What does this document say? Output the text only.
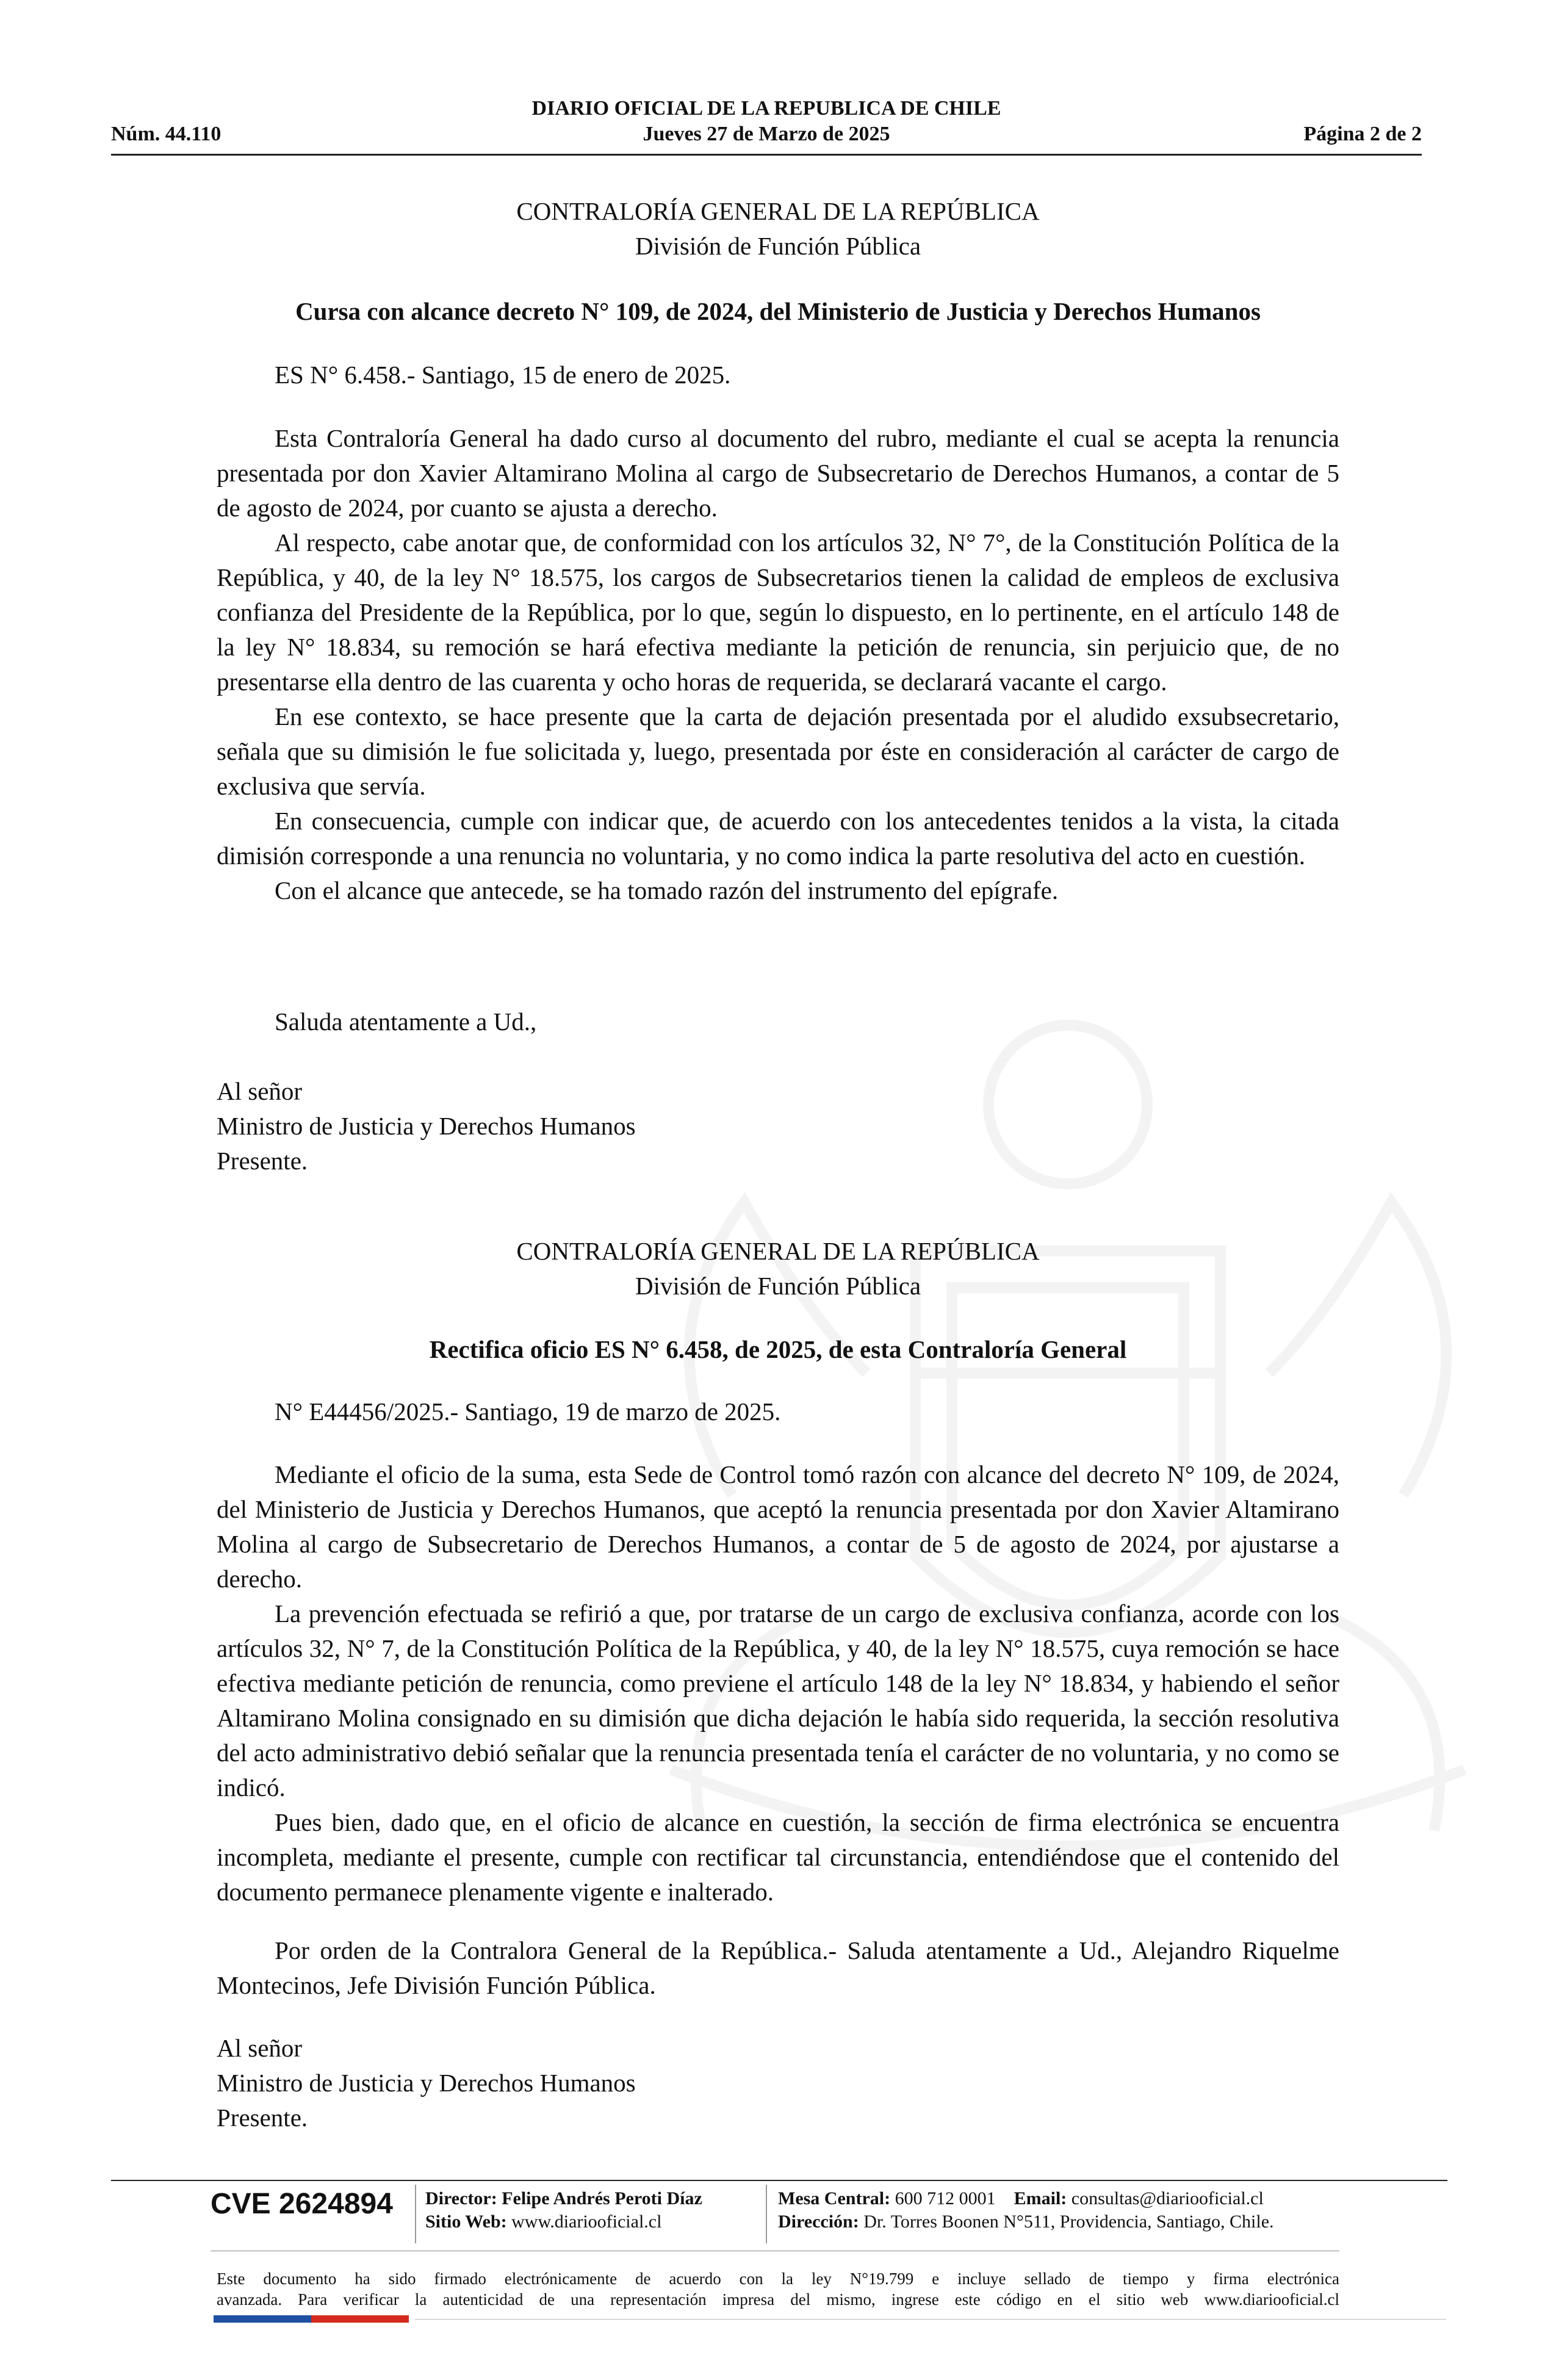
DIARIO OFICIAL DE LA REPUBLICA DE CHILE
Núm. 44.110	Jueves 27 de Marzo de 2025	Página 2 de 2
CONTRALORÍA GENERAL DE LA REPÚBLICA
División de Función Pública
Cursa con alcance decreto N° 109, de 2024, del Ministerio de Justicia y Derechos Humanos
ES N° 6.458.- Santiago, 15 de enero de 2025.

Esta Contraloría General ha dado curso al documento del rubro, mediante el cual se acepta la renuncia presentada por don Xavier Altamirano Molina al cargo de Subsecretario de Derechos Humanos, a contar de 5 de agosto de 2024, por cuanto se ajusta a derecho.

Al respecto, cabe anotar que, de conformidad con los artículos 32, N° 7°, de la Constitución Política de la República, y 40, de la ley N° 18.575, los cargos de Subsecretarios tienen la calidad de empleos de exclusiva confianza del Presidente de la República, por lo que, según lo dispuesto, en lo pertinente, en el artículo 148 de la ley N° 18.834, su remoción se hará efectiva mediante la petición de renuncia, sin perjuicio que, de no presentarse ella dentro de las cuarenta y ocho horas de requerida, se declarará vacante el cargo.

En ese contexto, se hace presente que la carta de dejación presentada por el aludido exsubsecretario, señala que su dimisión le fue solicitada y, luego, presentada por éste en consideración al carácter de cargo de exclusiva que servía.

En consecuencia, cumple con indicar que, de acuerdo con los antecedentes tenidos a la vista, la citada dimisión corresponde a una renuncia no voluntaria, y no como indica la parte resolutiva del acto en cuestión.

Con el alcance que antecede, se ha tomado razón del instrumento del epígrafe.

Saluda atentamente a Ud.,
Al señor
Ministro de Justicia y Derechos Humanos
Presente.
CONTRALORÍA GENERAL DE LA REPÚBLICA
División de Función Pública
Rectifica oficio ES N° 6.458, de 2025, de esta Contraloría General
N° E44456/2025.- Santiago, 19 de marzo de 2025.

Mediante el oficio de la suma, esta Sede de Control tomó razón con alcance del decreto N° 109, de 2024, del Ministerio de Justicia y Derechos Humanos, que aceptó la renuncia presentada por don Xavier Altamirano Molina al cargo de Subsecretario de Derechos Humanos, a contar de 5 de agosto de 2024, por ajustarse a derecho.

La prevención efectuada se refirió a que, por tratarse de un cargo de exclusiva confianza, acorde con los artículos 32, N° 7, de la Constitución Política de la República, y 40, de la ley N° 18.575, cuya remoción se hace efectiva mediante petición de renuncia, como previene el artículo 148 de la ley N° 18.834, y habiendo el señor Altamirano Molina consignado en su dimisión que dicha dejación le había sido requerida, la sección resolutiva del acto administrativo debió señalar que la renuncia presentada tenía el carácter de no voluntaria, y no como se indicó.

Pues bien, dado que, en el oficio de alcance en cuestión, la sección de firma electrónica se encuentra incompleta, mediante el presente, cumple con rectificar tal circunstancia, entendiéndose que el contenido del documento permanece plenamente vigente e inalterado.

Por orden de la Contralora General de la República.- Saluda atentamente a Ud., Alejandro Riquelme Montecinos, Jefe División Función Pública.

Al señor
Ministro de Justicia y Derechos Humanos
Presente.
CVE 2624894 Director: Felipe Andrés Peroti Díaz
Sitio Web: www.diariooficial.cl
Mesa Central: 600 712 0001 Email: consultas@diariooficial.cl
Dirección: Dr. Torres Boonen N°511, Providencia, Santiago, Chile.
Este documento ha sido firmado electrónicamente de acuerdo con la ley N°19.799 e incluye sellado de tiempo y firma electrónica
avanzada. Para verificar la autenticidad de una representación impresa del mismo, ingrese este código en el sitio web www.diariooficial.cl
